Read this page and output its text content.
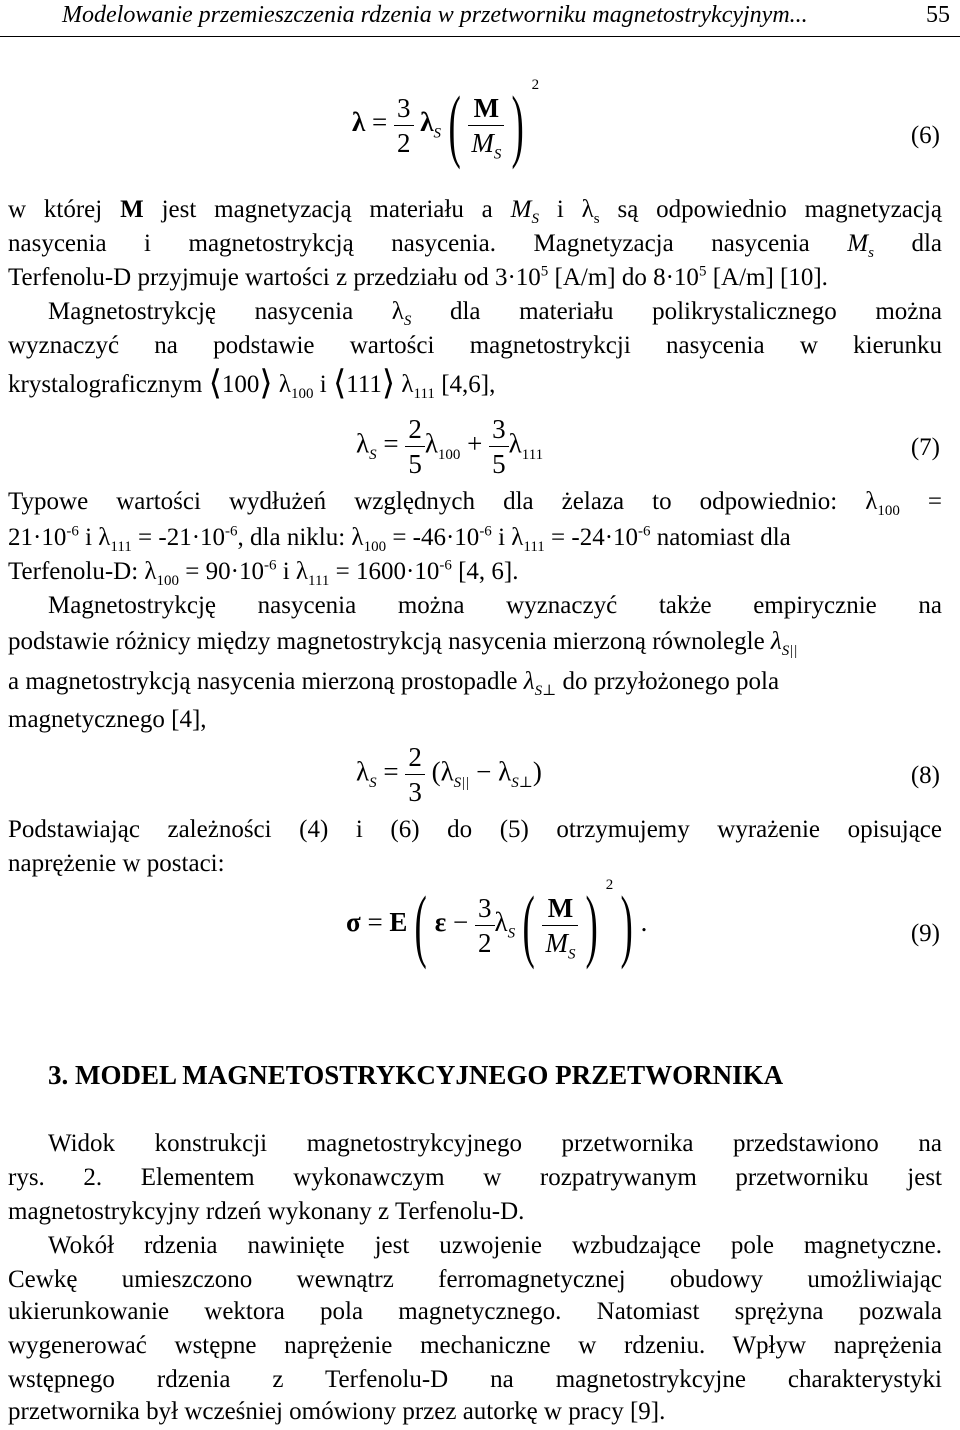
Modelowanie przemieszczenia rdzenia w przetworniku magnetostrykcyjnym...	55
$\lambda = \frac{3}{2} \lambda_S( \frac{M}{M_S}$ ) $^2$
(6)
w której M jest magnetyzacją materiału a $M_S$ i $\lambda_s$ są odpowiednio magnetyzacją
nasycenia i magnetostrykcją nasycenia. Magnetyzacja nasycenia $M_s$ dla
Terfenolu-D przyjmuje wartości z przedziału od $3\cdot 10^5$ [A/m] do $8\cdot 10^5$ [A/m] [10].
Magnetostrykcję nasycenia $\lambda_S$ dla materiału polikrystalicznego można
wyznaczyć na podstawie wartości magnetostrykcji nasycenia w kierunku
krystalograficznym ⟨100⟩ $\lambda_{100}$ i ⟨111⟩ $\lambda_{111}$ [4,6],
$\lambda_S = \frac{2}{5} \lambda_{100} + \frac{3}{5} \lambda_{111}$	(7)
Typowe wartości wydłużeń względnych dla żelaza to odpowiednio: $\lambda_{100}$ =
$21\cdot 10^{-6}$ i $\lambda_{111} = -21\cdot 10^{-6}$, dla niklu: $\lambda_{100} = -46\cdot 10^{-6}$ i $\lambda_{111} = -24\cdot 10^{-6}$ natomiast dla
Terfenolu-D: $\lambda_{100} = 90\cdot 10^{-6}$ i $\lambda_{111} = 1600\cdot 10^{-6}$ [4, 6].
Magnetostrykcję nasycenia można wyznaczyć także empirycznie na
podstawie różnicy między magnetostrykcją nasycenia mierzoną równolegle $\lambda_{S||}$
a magnetostrykcją nasycenia mierzoną prostopadle $\lambda_{S\perp}$ do przyłożonego pola
magnetycznego [4],
$\lambda_S = \frac{2}{3} (\lambda_{S||} - \lambda_{S\perp})$	(8)
Podstawiając zależności (4) i (6) do (5) otrzymujemy wyrażenie opisujące
naprężenie w postaci:
σ = E( $\varepsilon - \frac{3}{2} \lambda_S( \frac{M}{M_S}$ ) $^2$) .	(9)
3. MODEL MAGNETOSTRYKCYJNEGO PRZETWORNIKA
Widok konstrukcji magnetostrykcyjnego przetwornika przedstawiono na
rys. 2. Elementem wykonawczym w rozpatrywanym przetworniku jest
magnetostrykcyjny rdzeń wykonany z Terfenolu-D.
Wokół rdzenia nawinięte jest uzwojenie wzbudzające pole magnetyczne.
Cewkę umieszczono wewnątrz ferromagnetycznej obudowy umożliwiając
ukierunkowanie wektora pola magnetycznego. Natomiast sprężyna pozwala
wygenerować wstępne naprężenie mechaniczne w rdzeniu. Wpływ naprężenia
wstępnego rdzenia z Terfenolu-D na magnetostrykcyjne charakterystyki
przetwornika był wcześniej omówiony przez autorkę w pracy [9].
